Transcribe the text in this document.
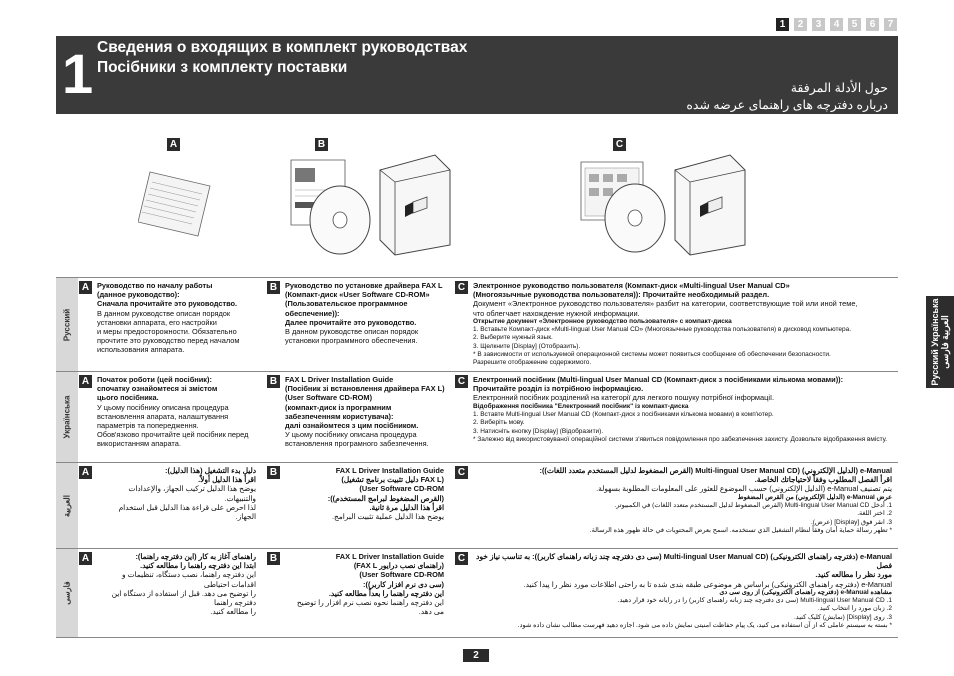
1	2	3	4	5	6	7
1 Сведения о входящих в комплект руководствах
Посібники з комплекту поставки
حول الأدلة المرفقة
درباره دفترچه های راهنمای عرضه شده
A	B	C
Русский Українська العربية فارسی
Русский
A	Руководство по началу работы
(данное руководство):
Сначала прочитайте это руководство.
В данном руководстве описан порядок
установки аппарата, его настройки
и меры предосторожности. Обязательно
прочтите это руководство перед началом
использования аппарата.
B	Руководство по установке драйвера FAX L
(Компакт-диск «User Software CD-ROM»
(Пользовательское программное
обеспечение)):
Далее прочитайте это руководство.
В данном руководстве описан порядок
установки программного обеспечения.
C	Электронное руководство пользователя (Компакт-диск «Multi-lingual User Manual CD»
(Многоязычные руководства пользователя)): Прочитайте необходимый раздел.
Документ «Электронное руководство пользователя» разбит на категории, соответствующие той или иной теме,
что облегчает нахождение нужной информации.
Открытие документ «Электронное руководство пользователя» с компакт-диска
1. Вставьте Компакт-диск «Multi-lingual User Manual CD» (Многоязычные руководства пользователя) в дисковод компьютера.
2. Выберите нужный язык.
3. Щелкните [Display] (Отобразить).
* В зависимости от используемой операционной системы может появиться сообщение об обеспечении безопасности.
Разрешите отображение содержимого.
Українська
A	Початок роботи (цей посібник):
спочатку ознайомтеся зі змістом
цього посібника.
У цьому посібнику описана процедура
встановлення апарата, налаштування
параметрів та попередження.
Обов'язково прочитайте цей посібник перед
використанням апарата.
B	FAX L Driver Installation Guide
(Посібник зі встановлення драйвера FAX L)
(User Software CD-ROM)
(компакт-диск із програмним
забезпеченням користувача):
далі ознайомтеся з цим посібником.
У цьому посібнику описана процедура
встановлення програмного забезпечення.
C	Електронний посібник (Multi-lingual User Manual CD (Компакт-диск з посібниками кількома мовами)):
Прочитайте розділ із потрібною інформацією.
Електронний посібник розділений на категорії для легкого пошуку потрібної інформації.
Відображення посібника "Електронний посібник" із компакт-диска
1. Вставте Multi-lingual User Manual CD (Компакт-диск з посібниками кількома мовами) в комп'ютер.
2. Виберіть мову.
3. Натисніть кнопку [Display] (Відобразити).
* Залежно від використовуваної операційної системи з'явиться повідомлення про забезпечення захисту. Дозвольте відображення вмісту.
العربية
A	دليل بدء التشغيل (هذا الدليل):
اقرأ هذا الدليل أولاً.
يوضح هذا الدليل تركيب الجهاز، والإعدادات والتنبيهات.
لذا احرص على قراءة هذا الدليل قبل استخدام الجهاز.
B	FAX L Driver Installation Guide
(FAX L دليل تثبيت برنامج تشغيل)
User Software CD-ROM)
(القرص المضغوط لبرامج المستخدم)):
اقرأ هذا الدليل مرة ثانية.
يوضح هذا الدليل عملية تثبيت البرامج.
C	e-Manual (الدليل الإلكتروني) (Multi-lingual User Manual CD (القرص المضغوط لدليل المستخدم متعدد اللغات)):
اقرأ الفصل المطلوب وفقاً لاحتياجاتك الخاصة.
يتم تصنيف e-Manual (الدليل الإلكتروني) حسب الموضوع للعثور على المعلومات المطلوبة بسهولة.
عرض e-Manual (الدليل الإلكتروني) من القرص المضغوط
1. أدخل Multi-lingual User Manual CD (القرص المضغوط لدليل المستخدم متعدد اللغات) في الكمبيوتر.
2. اختر اللغة.
3. انقر فوق [Display] (عرض).
* تظهر رسالة حماية أمان وفقاً لنظام التشغيل الذي تستخدمه. اسمح بعرض المحتويات في حالة ظهور هذه الرسالة.
فارسی
A	راهنمای آغاز به کار (این دفترچه راهنما):
ابتدا این دفترچه راهنما را مطالعه کنید.
این دفترچه راهنما، نصب دستگاه، تنظیمات و اقدامات احتیاطی
را توضیح می دهد. قبل از استفاده از دستگاه این دفترچه راهنما
را مطالعه کنید.
B	FAX L Driver Installation Guide
(راهنمای نصب درایور FAX L)
User Software CD-ROM)
(سی دی نرم افزار کاربر)):
این دفترچه راهنما را بعداً مطالعه کنید.
این دفترچه راهنما نحوه نصب نرم افزار را توضیح می دهد.
C	e-Manual (دفترچه راهنمای الکترونیکی) (Multi-lingual User Manual CD (سی دی دفترچه چند زبانه راهنمای کاربر)): به تناسب نیاز خود فصل
مورد نظر را مطالعه کنید.
e-Manual (دفترچه راهنمای الکترونیکی) براساس هر موضوعی طبقه بندی شده تا به راحتی اطلاعات مورد نظر را پیدا کنید.
مشاهده e-Manual (دفترچه راهنمای الکترونیکی) از روی سی دی
1. Multi-lingual User Manual CD (سی دی دفترچه چند زبانه راهنمای کاربر) را در رایانه خود قرار دهید.
2. زبان مورد را انتخاب کنید.
3. روی [Display] (نمایش) کلیک کنید.
* بسته به سیستم عاملی که از آن استفاده می کنید، یک پیام حفاظت امنیتی نمایش داده می شود. اجازه دهید فهرست مطالب نشان داده شود.
2
